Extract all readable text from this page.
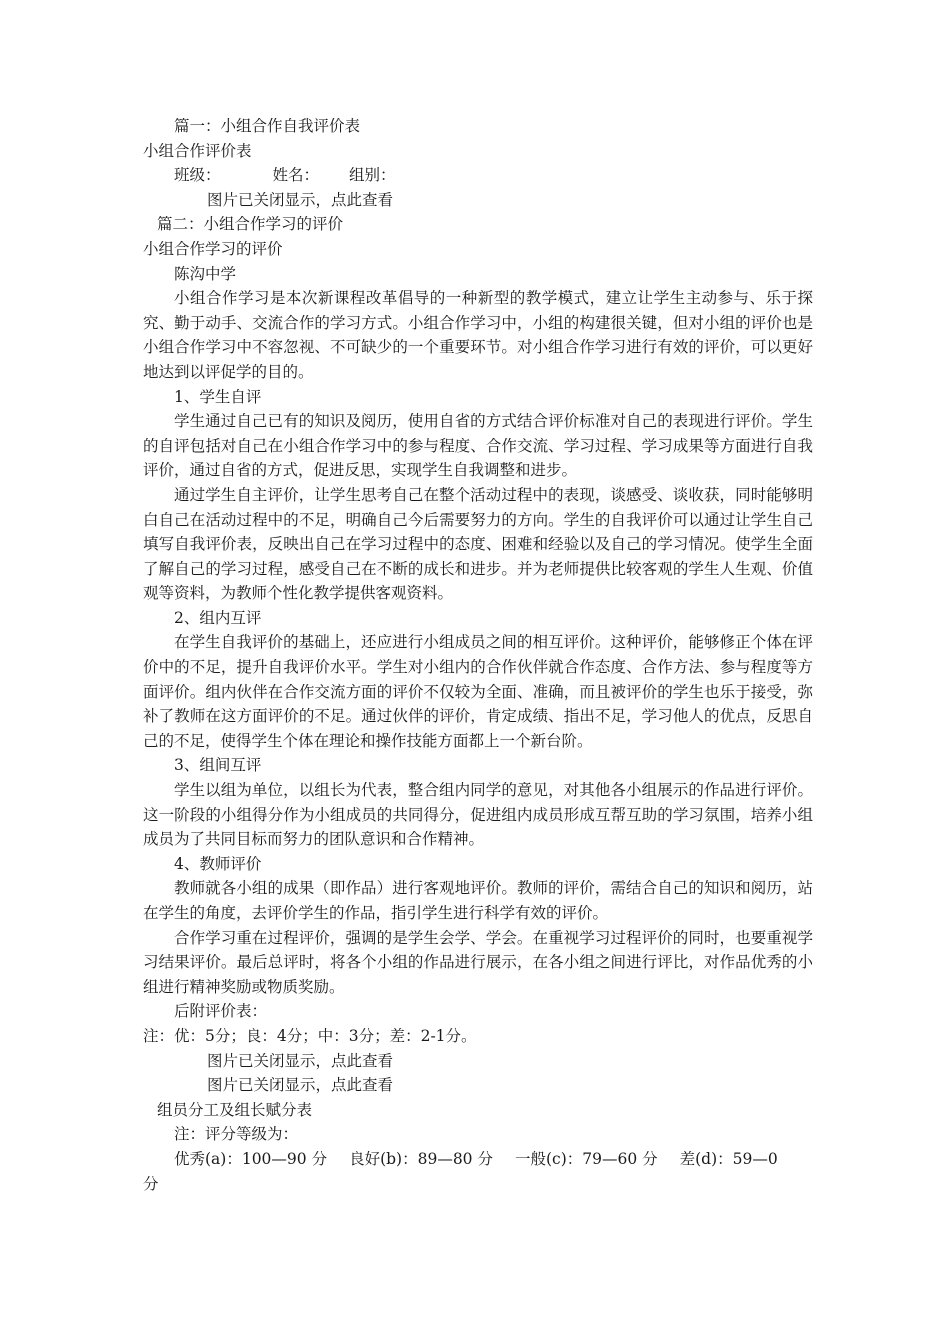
篇一：小组合作自我评价表

小组合作评价表

班级：	姓名： 组别：

图片已关闭显示，点此查看

篇二：小组合作学习的评价

小组合作学习的评价

陈沟中学

小组合作学习是本次新课程改革倡导的一种新型的教学模式，建立让学生主动参与、乐于探究、勤于动手、交流合作的学习方式。小组合作学习中，小组的构建很关键，但对小组的评价也是小组合作学习中不容忽视、不可缺少的一个重要环节。对小组合作学习进行有效的评价，可以更好地达到以评促学的目的。

1、学生自评

学生通过自己已有的知识及阅历，使用自省的方式结合评价标准对自己的表现进行评价。学生的自评包括对自己在小组合作学习中的参与程度、合作交流、学习过程、学习成果等方面进行自我评价，通过自省的方式，促进反思，实现学生自我调整和进步。

通过学生自主评价，让学生思考自己在整个活动过程中的表现，谈感受、谈收获，同时能够明白自己在活动过程中的不足，明确自己今后需要努力的方向。学生的自我评价可以通过让学生自己填写自我评价表，反映出自己在学习过程中的态度、困难和经验以及自己的学习情况。使学生全面了解自己的学习过程，感受自己在不断的成长和进步。并为老师提供比较客观的学生人生观、价值观等资料，为教师个性化教学提供客观资料。

2、组内互评

在学生自我评价的基础上，还应进行小组成员之间的相互评价。这种评价，能够修正个体在评价中的不足，提升自我评价水平。学生对小组内的合作伙伴就合作态度、合作方法、参与程度等方面评价。组内伙伴在合作交流方面的评价不仅较为全面、准确，而且被评价的学生也乐于接受，弥补了教师在这方面评价的不足。通过伙伴的评价，肯定成绩、指出不足，学习他人的优点，反思自己的不足，使得学生个体在理论和操作技能方面都上一个新台阶。

3、组间互评

学生以组为单位，以组长为代表，整合组内同学的意见，对其他各小组展示的作品进行评价。这一阶段的小组得分作为小组成员的共同得分，促进组内成员形成互帮互助的学习氛围，培养小组成员为了共同目标而努力的团队意识和合作精神。

4、教师评价

教师就各小组的成果（即作品）进行客观地评价。教师的评价，需结合自己的知识和阅历，站在学生的角度，去评价学生的作品，指引学生进行科学有效的评价。

合作学习重在过程评价，强调的是学生会学、学会。在重视学习过程评价的同时，也要重视学习结果评价。最后总评时，将各个小组的作品进行展示，在各小组之间进行评比，对作品优秀的小组进行精神奖励或物质奖励。

后附评价表：

注：优：5分；良：4分；中：3分；差：2-1分。

图片已关闭显示，点此查看

图片已关闭显示，点此查看

组员分工及组长赋分表

注：评分等级为：

优秀(a)：100—90 分 良好(b)：89—80 分 一般(c)：79—60 分 差(d)：59—0

分
